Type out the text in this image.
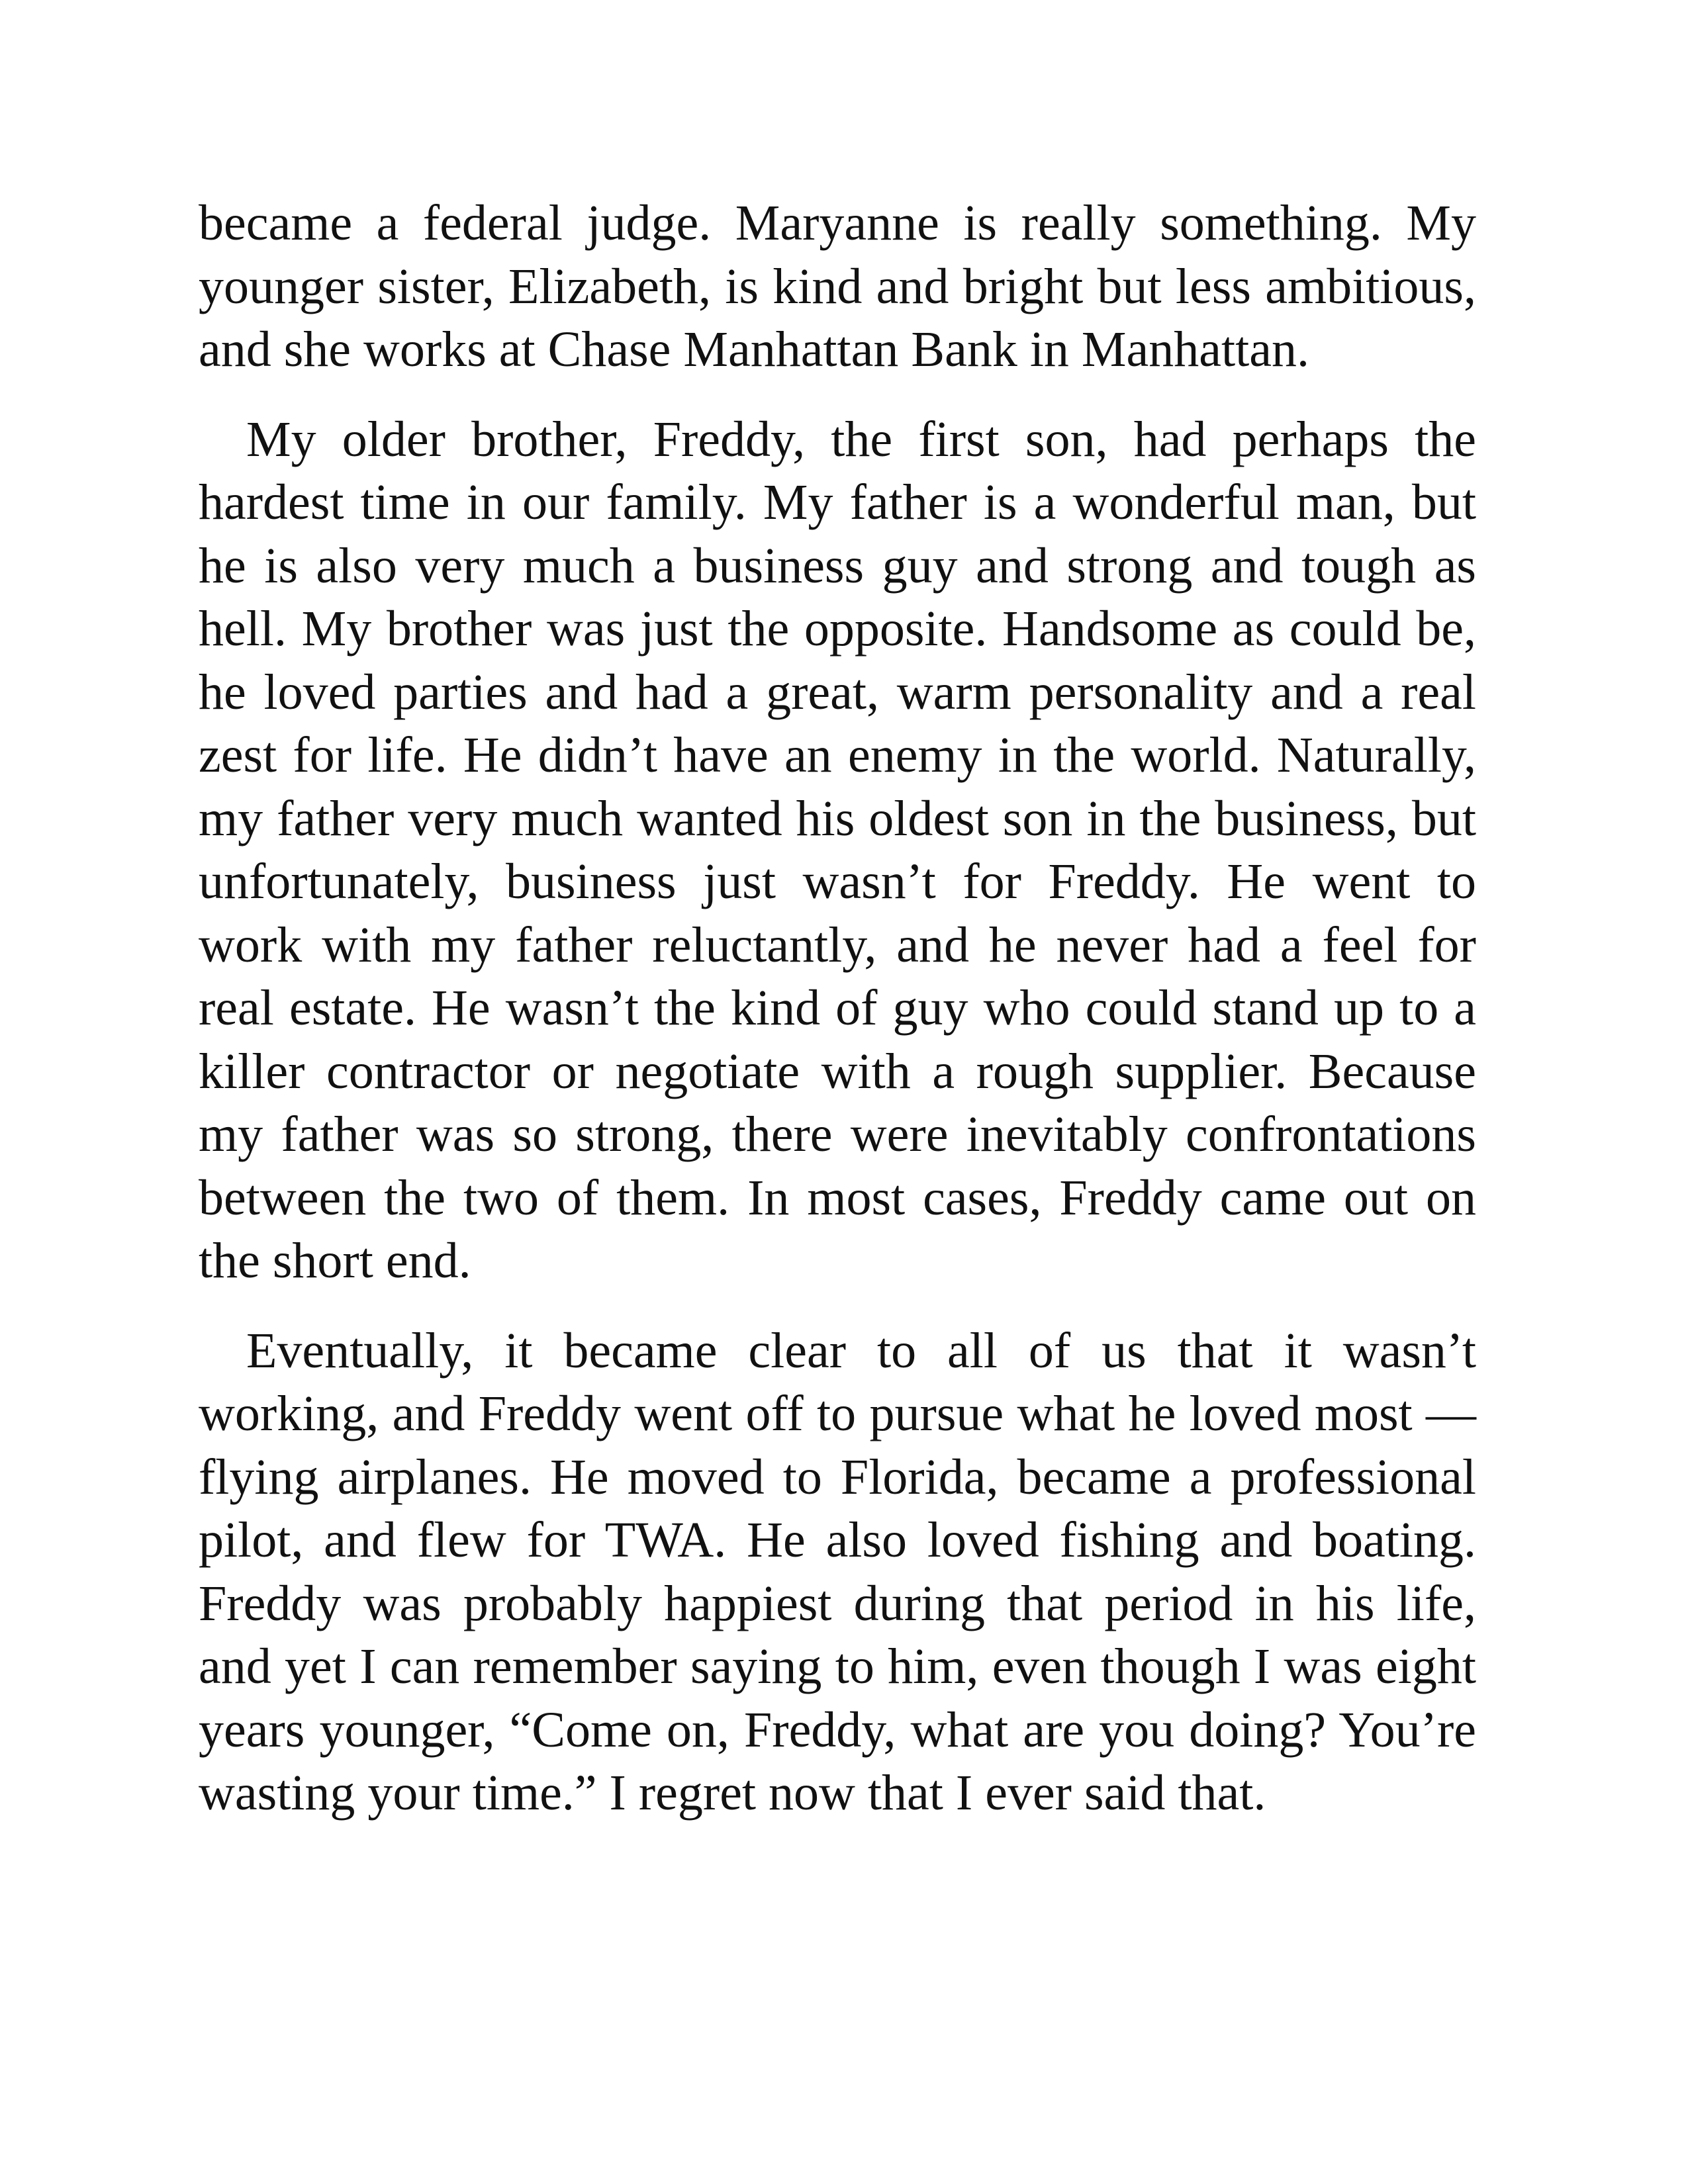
became a federal judge. Maryanne is really something. My younger sister, Elizabeth, is kind and bright but less ambitious, and she works at Chase Manhattan Bank in Manhattan.

My older brother, Freddy, the first son, had perhaps the hardest time in our family. My father is a wonderful man, but he is also very much a business guy and strong and tough as hell. My brother was just the opposite. Handsome as could be, he loved parties and had a great, warm personality and a real zest for life. He didn’t have an enemy in the world. Naturally, my father very much wanted his oldest son in the business, but unfortunately, business just wasn’t for Freddy. He went to work with my father reluctantly, and he never had a feel for real estate. He wasn’t the kind of guy who could stand up to a killer contractor or negotiate with a rough supplier. Because my father was so strong, there were inevitably confrontations between the two of them. In most cases, Freddy came out on the short end.

Eventually, it became clear to all of us that it wasn’t working, and Freddy went off to pursue what he loved most —flying airplanes. He moved to Florida, became a professional pilot, and flew for TWA. He also loved fishing and boating. Freddy was probably happiest during that period in his life, and yet I can remember saying to him, even though I was eight years younger, “Come on, Freddy, what are you doing? You’re wasting your time.” I regret now that I ever said that.
